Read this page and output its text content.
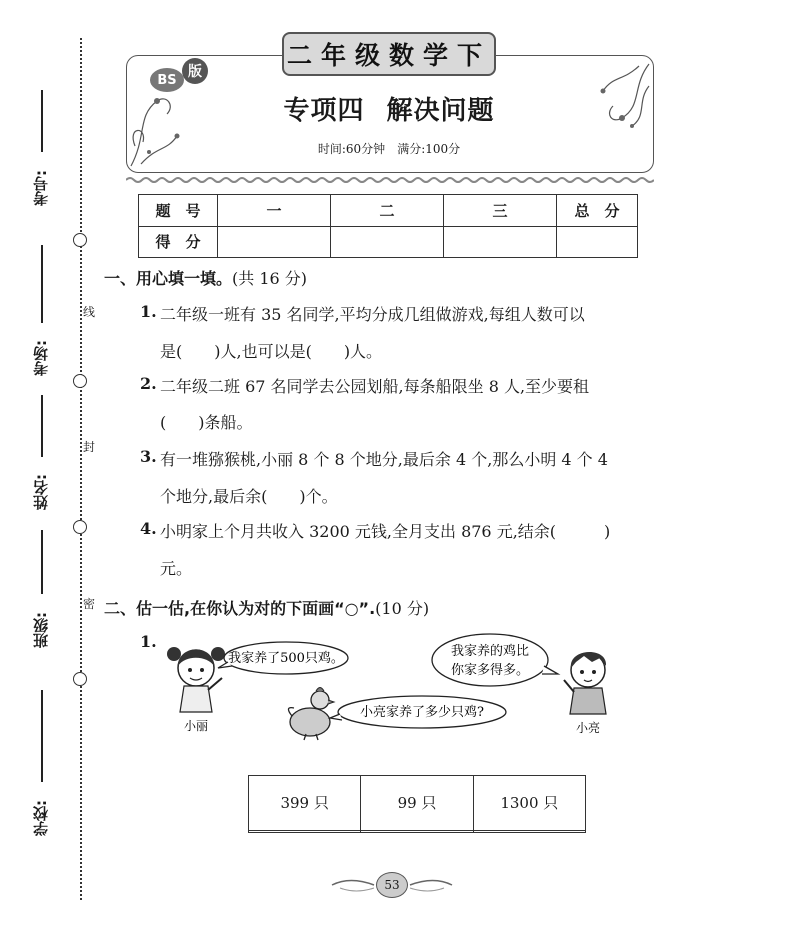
考号:
考场:
姓名:
班级:
学校:
线
封
密
二年级数学下
BS 版
专项四 解决问题
时间:60分钟 满分:100分
题　号	一	二	三	总　分
得　分				
一、用心填一填。(共 16 分)
1. 二年级一班有 35 名同学,平均分成几组做游戏,每组人数可以
是(　　)人,也可以是(　　)人。
2. 二年级二班 67 名同学去公园划船,每条船限坐 8 人,至少要租
(　　)条船。
3. 有一堆猕猴桃,小丽 8 个 8 个地分,最后余 4 个,那么小明 4 个 4
个地分,最后余(　　)个。
4. 小明家上个月共收入 3200 元钱,全月支出 876 元,结余(　　　)
元。
二、估一估,在你认为对的下面画“○”.(10 分)
1.
我家养了500只鸡。
小丽
小亮家养了多少只鸡?
我家养的鸡比
你家多得多。
小亮
399 只	99 只	1300 只

53
